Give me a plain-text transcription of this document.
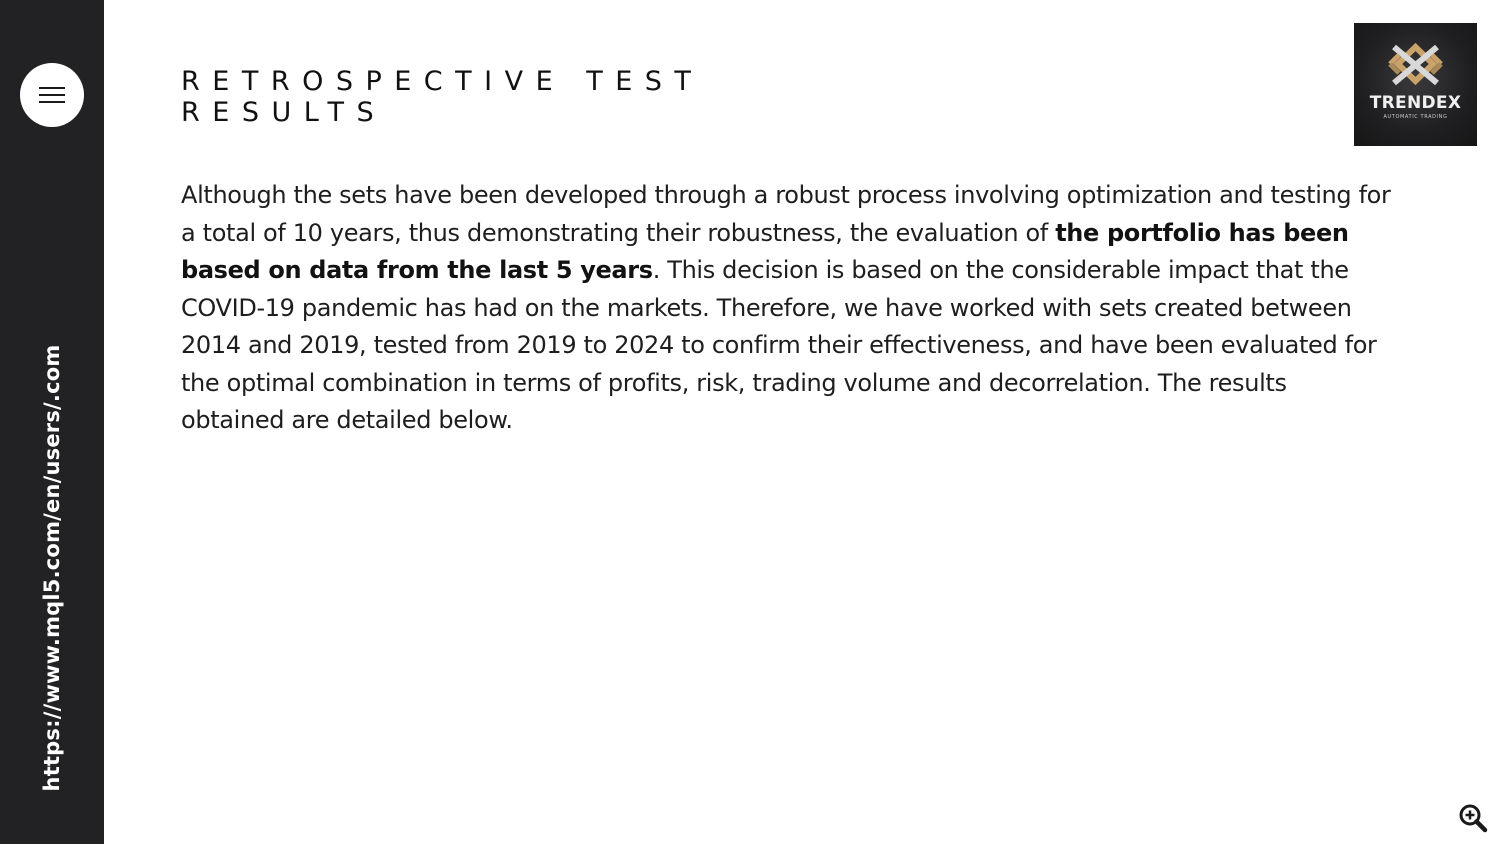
https://www.mql5.com/en/users/.com
RETROSPECTIVE TEST RESULTS

Although the sets have been developed through a robust process involving optimization and testing for a total of 10 years, thus demonstrating their robustness, the evaluation of the portfolio has been based on data from the last 5 years. This decision is based on the considerable impact that the COVID-19 pandemic has had on the markets. Therefore, we have worked with sets created between 2014 and 2019, tested from 2019 to 2024 to confirm their effectiveness, and have been evaluated for the optimal combination in terms of profits, risk, trading volume and decorrelation. The results obtained are detailed below.

TRENDEX
AUTOMATIC TRADING
